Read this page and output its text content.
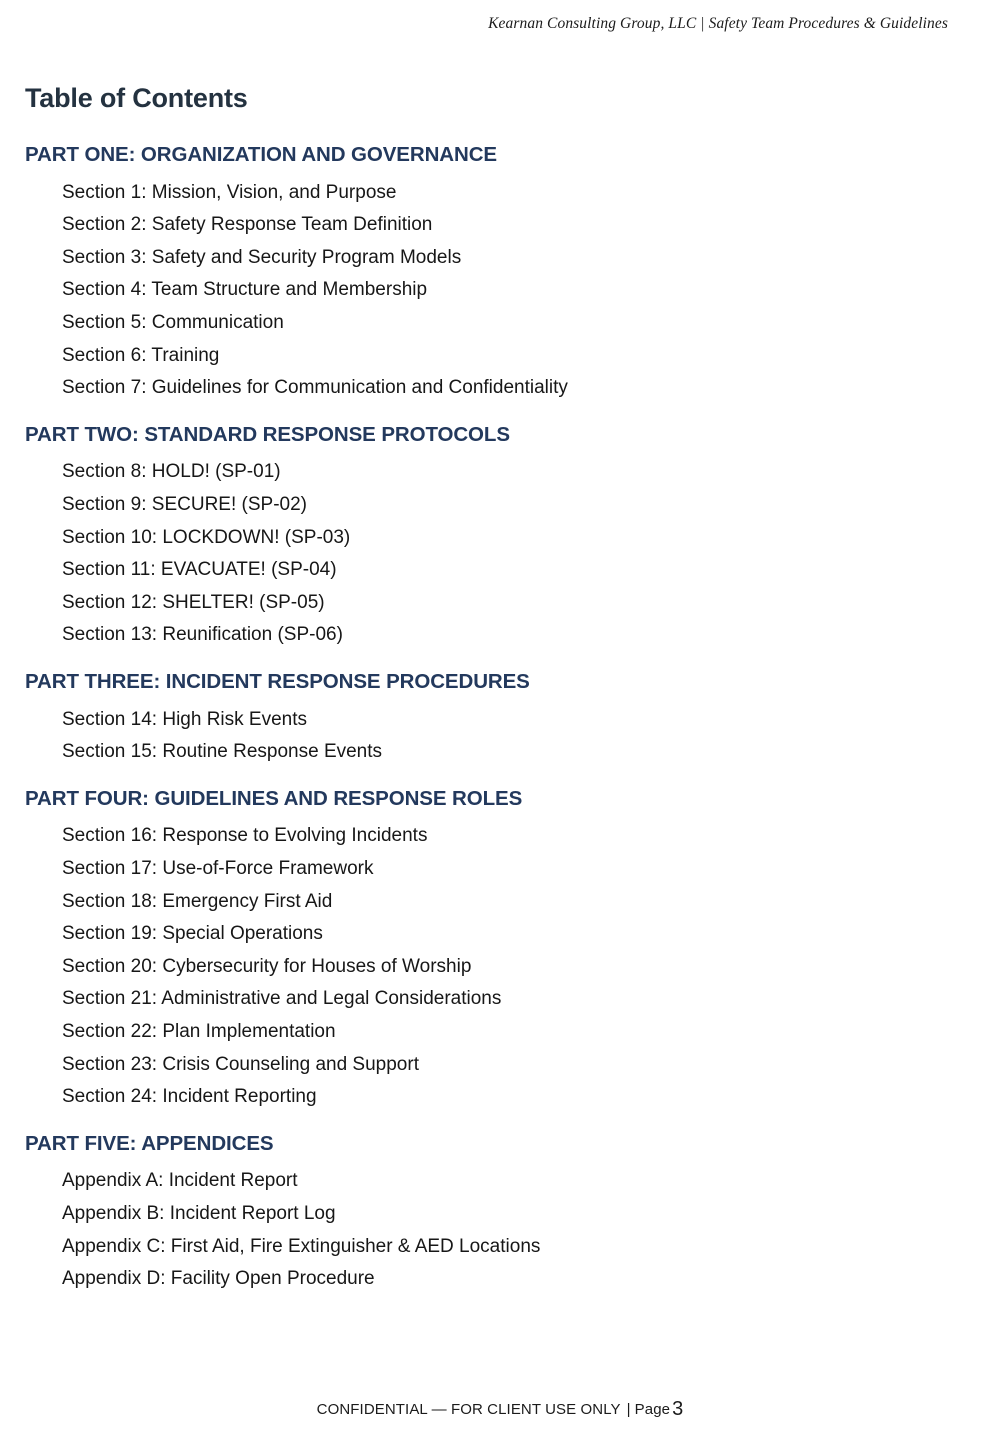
Kearnan Consulting Group, LLC | Safety Team Procedures & Guidelines
Table of Contents
PART ONE: ORGANIZATION AND GOVERNANCE
Section 1: Mission, Vision, and Purpose
Section 2: Safety Response Team Definition
Section 3: Safety and Security Program Models
Section 4: Team Structure and Membership
Section 5: Communication
Section 6: Training
Section 7: Guidelines for Communication and Confidentiality
PART TWO: STANDARD RESPONSE PROTOCOLS
Section 8: HOLD! (SP-01)
Section 9: SECURE! (SP-02)
Section 10: LOCKDOWN! (SP-03)
Section 11: EVACUATE! (SP-04)
Section 12: SHELTER! (SP-05)
Section 13: Reunification (SP-06)
PART THREE: INCIDENT RESPONSE PROCEDURES
Section 14: High Risk Events
Section 15: Routine Response Events
PART FOUR: GUIDELINES AND RESPONSE ROLES
Section 16: Response to Evolving Incidents
Section 17: Use-of-Force Framework
Section 18: Emergency First Aid
Section 19: Special Operations
Section 20: Cybersecurity for Houses of Worship
Section 21: Administrative and Legal Considerations
Section 22: Plan Implementation
Section 23: Crisis Counseling and Support
Section 24: Incident Reporting
PART FIVE: APPENDICES
Appendix A: Incident Report
Appendix B: Incident Report Log
Appendix C: First Aid, Fire Extinguisher & AED Locations
Appendix D: Facility Open Procedure
CONFIDENTIAL — FOR CLIENT USE ONLY | Page 3
